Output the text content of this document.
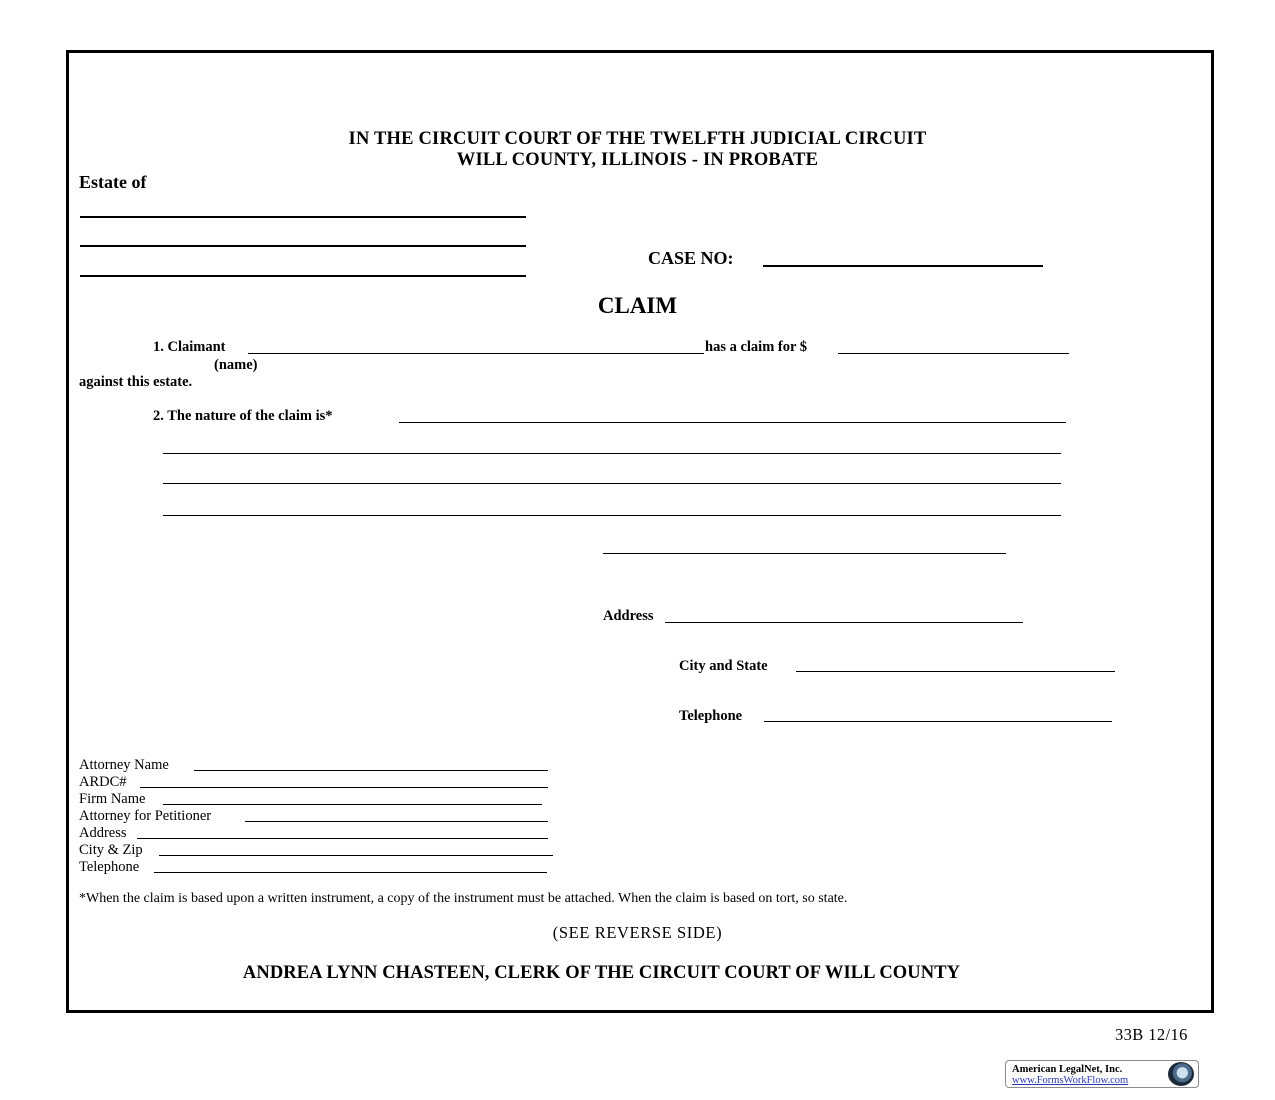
IN THE CIRCUIT COURT OF THE TWELFTH JUDICIAL CIRCUIT
WILL COUNTY, ILLINOIS - IN PROBATE
Estate of
CASE NO:
CLAIM
1. Claimant	has a claim for $
(name)
against this estate.
2. The nature of the claim is*
Address
City and State
Telephone
Attorney Name
ARDC#
Firm Name
Attorney for Petitioner
Address
City & Zip
Telephone
*When the claim is based upon a written instrument, a copy of the instrument must be attached. When the claim is based on tort, so state.
(SEE REVERSE SIDE)
ANDREA LYNN CHASTEEN, CLERK OF THE CIRCUIT COURT OF WILL COUNTY
33B 12/16
American LegalNet, Inc.
www.FormsWorkFlow.com
